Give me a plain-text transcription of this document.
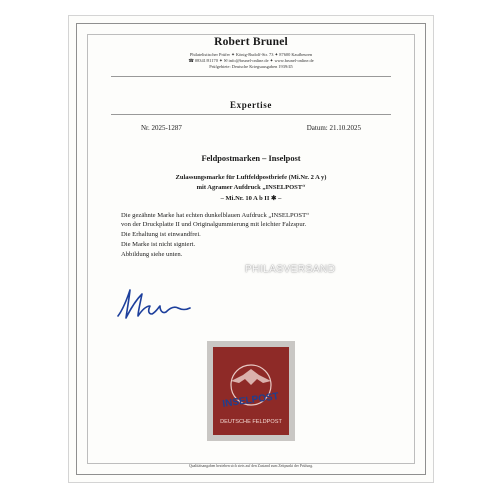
Robert Brunel
Philatelistischer Prüfer ✦ König-Rudolf-Str. 73 ✦ 87600 Kaufbeuren
☎ 08341/81170 ✦ ✉ info@brunel-online.de ✦ www.brunel-online.de
Prüfgebiete: Deutsche Kriegsausgaben 1939/45
Expertise
Nr. 2025-1287	Datum: 21.10.2025
Feldpostmarken – Inselpost
Zulassungsmarke für Luftfeldpostbriefe (Mi.Nr. 2 A y)
mit Agramer Aufdruck „INSELPOST“
– Mi.Nr. 10 A b II ✱ –
Die gezähnte Marke hat echten dunkelblauen Aufdruck „INSELPOST“
von der Druckplatte II und Originalgummierung mit leichter Falzspur.
Die Erhaltung ist einwandfrei.
Die Marke ist nicht signiert.
Abbildung siehe unten.
PHILASVERSAND
DEUTSCHE FELDPOST
INSELPOST
Qualitätsangaben beziehen sich stets auf den Zustand zum Zeitpunkt der Prüfung.
